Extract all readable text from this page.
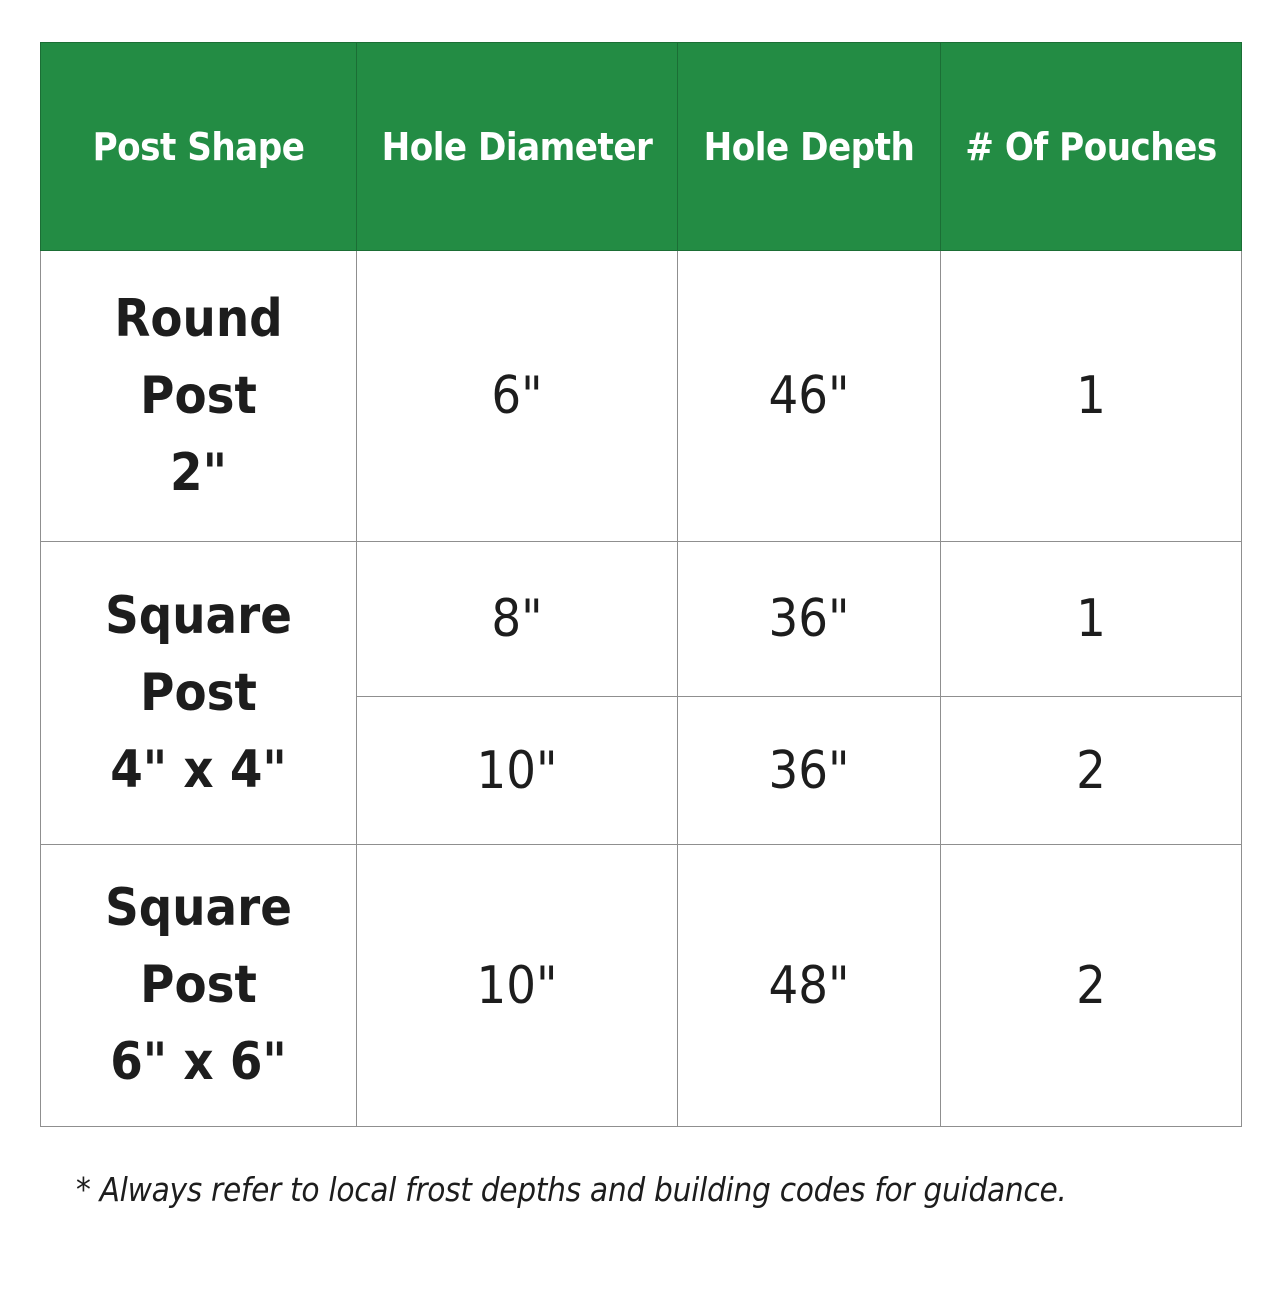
Post Shape	Hole Diameter	Hole Depth	# Of Pouches

Round
Post
2"	6"	46"	1

Square
Post
4" x 4"	8"	36"	1
	10"	36"	2

Square
Post
6" x 6"	10"	48"	2
* Always refer to local frost depths and building codes for guidance.
